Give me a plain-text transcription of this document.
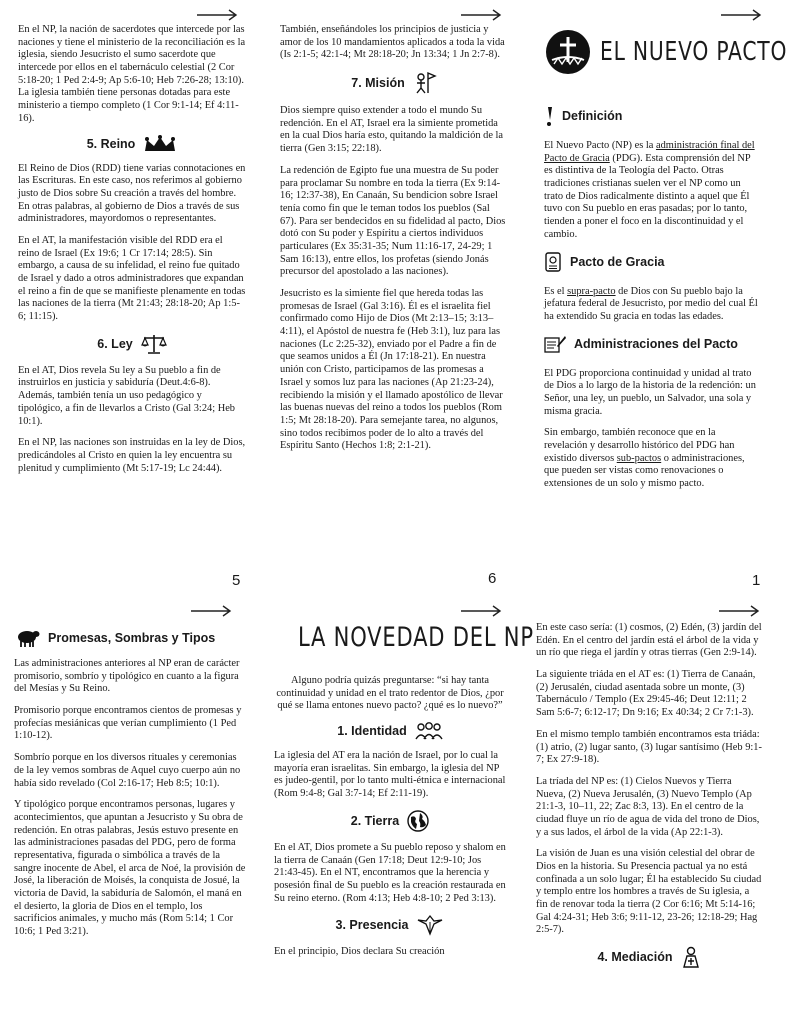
En el NP, la nación de sacerdotes que intercede por las naciones y tiene el ministerio de la reconciliación es la iglesia, siendo Jesucristo el sumo sacerdote que intercede por ellos en el tabernáculo celestial (2 Cor 5:18-20; 1 Ped 2:4-9; Ap 5:6-10; Heb 7:26-28; 13:10). La iglesia también tiene personas dotadas para este ministerio a tiempo completo (1 Cor 9:1-14; Ef 4:11-16).

5. Reino

El Reino de Dios (RDD) tiene varias connotaciones en las Escrituras. En este caso, nos referimos al gobierno justo de Dios sobre Su creación a través del hombre. En otras palabras, al gobierno de Dios a través de sus administradores, mayordomos o representantes.

En el AT, la manifestación visible del RDD era el reino de Israel (Ex 19:6; 1 Cr 17:14; 28:5). Sin embargo, a causa de su infelidad, el reino fue quitado de Israel y dado a otros administradores que expandan el reino a fin de que se manifieste plenamente en todas las naciones de la tierra (Mt 21:43; 28:18-20; Ap 1:5-6; 11:15).

6. Ley

En el AT, Dios revela Su ley a Su pueblo a fin de instruirlos en justicia y sabiduría (Deut.4:6-8). Además, también tenía un uso pedagógico y tipológico, a fin de llevarlos a Cristo (Gal 3:24; Heb 10:1).

En el NP, las naciones son instruidas en la ley de Dios, predicándoles al Cristo en quien la ley encuentra su plenitud y cumplimiento (Mt 5:17-19; Lc 24:44).

5

También, enseñándoles los principios de justicia y amor de los 10 mandamientos aplicados a toda la vida (Is 2:1-5; 42:1-4; Mt 28:18-20; Jn 13:34; 1 Jn 2:7-8).

7. Misión

Dios siempre quiso extender a todo el mundo Su redención. En el AT, Israel era la simiente prometida en la cual Dios haría esto, quitando la maldición de la tierra (Gen 3:15; 22:18).

La redención de Egipto fue una muestra de Su poder para proclamar Su nombre en toda la tierra (Ex 9:14-16; 12:37-38), En Canaán, Su bendicion sobre Israel tenía como fin que le teman todos los pueblos (Sal 67). Para ser bendecidos en su fidelidad al pacto, Dios dotó con Su poder y Espíritu a ciertos individuos particulares (Ex 35:31-35; Num 11:16-17, 24-29; 1 Sam 16:13), entre ellos, los profetas (siendo Jonás precursor del apostolado a las naciones).

Jesucristo es la simiente fiel que hereda todas las promesas de Israel (Gal 3:16). Él es el israelita fiel confirmado como Hijo de Dios (Mt 2:13–15; 3:13–4:11), el Apóstol de nuestra fe (Heb 3:1), luz para las naciones (Lc 2:25-32), enviado por el Padre a fin de que seamos unidos a Él (Jn 17:18-21). En nuestra unión con Cristo, participamos de las promesas a Israel y somos luz para las naciones (Ap 21:23-24), recibiendo la misión y el llamado apostólico de llevar las buenas nuevas del reino a todos los pueblos (Rom 1:5; Mt 28:18-20). Para semejante tarea, no algunos, sino todos recibimos poder de lo alto a través del Espíritu Santo (Hechos 1:8; 2:1-21).

6
EL NUEVO PACTO
Definición

El Nuevo Pacto (NP) es la administración final del Pacto de Gracia (PDG). Esta comprensión del NP es distintiva de la Teología del Pacto. Otras tradiciones cristianas suelen ver el NP como un trato de Dios radicalmente distinto a aquel que Él tuvo con Su pueblo en eras pasadas; por lo tanto, tienden a poner el foco en la discontinuidad y el cambio.

Pacto de Gracia

Es el supra-pacto de Dios con Su pueblo bajo la jefatura federal de Jesucristo, por medio del cual Él ha extendido Su gracia en todas las edades.

Administraciones del Pacto

El PDG proporciona continuidad y unidad al trato de Dios a lo largo de la historia de la redención: un Señor, una ley, un pueblo, un Salvador, una sola y misma gracia.

Sin embargo, también reconoce que en la revelación y desarrollo histórico del PDG han existido diversos sub-pactos o administraciones, que pueden ser vistas como renovaciones o extensiones de un solo y mismo pacto.

1
Promesas, Sombras y Tipos

Las administraciones anteriores al NP eran de carácter promisorio, sombrío y tipológico en cuanto a la figura del Mesías y Su Reino.

Promisorio porque encontramos cientos de promesas y profecías mesiánicas que verían cumplimiento (1 Ped 1:10-12).

Sombrío porque en los diversos rituales y ceremonias de la ley vemos sombras de Aquel cuyo cuerpo aún no había sido revelado (Col 2:16-17; Heb 8:5; 10:1).

Y tipológico porque encontramos personas, lugares y acontecimientos, que apuntan a Jesucristo y Su obra de redención. En otras palabras, Jesús estuvo presente en las administraciones pasadas del PDG, pero de forma representativa, figurada o simbólica a través de la sangre inocente de Abel, el arca de Noé, la provisión de José, la liberación de Moisés, la conquista de Josué, la victoria de David, la sabiduría de Salomón, el maná en el desierto, la gloria de Dios en el templo, los sacrificios animales, y mucho más (Rom 5:14; 1 Cor 10:6; 1 Ped 3:21).

LA NOVEDAD DEL NP

Alguno podría quizás preguntarse: “si hay tanta continuidad y unidad en el trato redentor de Dios, ¿por qué se llama entones nuevo pacto? ¿qué es lo nuevo?”

1. Identidad

La iglesia del AT era la nación de Israel, por lo cual la mayoría eran israelitas. Sin embargo, la iglesia del NP es judeo-gentil, por lo tanto multi-étnica e internacional (Rom 9:4-8; Gal 3:7-14; Ef 2:11-19).

2. Tierra

En el AT, Dios promete a Su pueblo reposo y shalom en la tierra de Canaán (Gen 17:18; Deut 12:9-10; Jos 21:43-45). En el NT, encontramos que la herencia y posesión final de Su pueblo es la creación restaurada en Su reino eterno. (Rom 4:13; Heb 4:8-10; 2 Ped 3:13).

3. Presencia

En el principio, Dios declara Su creación

En este caso sería: (1) cosmos, (2) Edén, (3) jardín del Edén. En el centro del jardín está el árbol de la vida y un río que riega el jardín y otras tierras (Gen 2:9-14).

La siguiente triáda en el AT es: (1) Tierra de Canaán, (2) Jerusalén, ciudad asentada sobre un monte, (3) Tabernáculo / Templo (Ex 29:45-46; Deut 12:11; 2 Sam 5:6-7; 6:12-17; Dn 9:16; Ex 40:34; 2 Cr 7:1-3).

En el mismo templo también encontramos esta triáda: (1) atrio, (2) lugar santo, (3) lugar santísimo (Heb 9:1-7; Ex 27:9-18).

La tríada del NP es: (1) Cielos Nuevos y Tierra Nueva, (2) Nueva Jerusalén, (3) Nuevo Templo (Ap 21:1-3, 10–11, 22; Zac 8:3, 13). En el centro de la ciudad fluye un río de agua de vida del trono de Dios, y a sus lados, el árbol de la vida (Ap 22:1-3).

La visión de Juan es una visión celestial del obrar de Dios en la historia. Su Presencia pactual ya no está confinada a un solo lugar; Él ha establecido Su ciudad y templo entre los hombres a través de Su iglesia, a fin de renovar toda la tierra (2 Cor 6:16; Mt 5:14-16; Gal 4:24-31; Heb 3:6; 9:11-12, 23-26; 12:18-29; Hag 2:5-7).

4. Mediación
